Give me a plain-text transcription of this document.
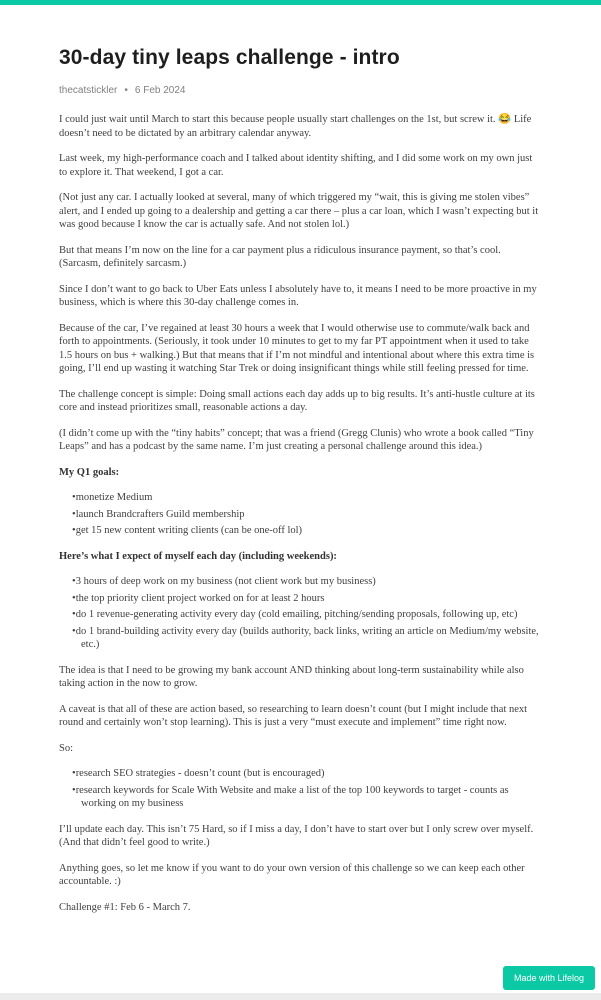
30-day tiny leaps challenge - intro
thecatstickler • 6 Feb 2024

I could just wait until March to start this because people usually start challenges on the 1st, but screw it. 😂 Life doesn’t need to be dictated by an arbitrary calendar anyway.

Last week, my high-performance coach and I talked about identity shifting, and I did some work on my own just to explore it. That weekend, I got a car.

(Not just any car. I actually looked at several, many of which triggered my “wait, this is giving me stolen vibes” alert, and I ended up going to a dealership and getting a car there – plus a car loan, which I wasn’t expecting but it was good because I know the car is actually safe. And not stolen lol.)

But that means I’m now on the line for a car payment plus a ridiculous insurance payment, so that’s cool. (Sarcasm, definitely sarcasm.)

Since I don’t want to go back to Uber Eats unless I absolutely have to, it means I need to be more proactive in my business, which is where this 30-day challenge comes in.

Because of the car, I’ve regained at least 30 hours a week that I would otherwise use to commute/walk back and forth to appointments. (Seriously, it took under 10 minutes to get to my far PT appointment when it used to take 1.5 hours on bus + walking.) But that means that if I’m not mindful and intentional about where this extra time is going, I’ll end up wasting it watching Star Trek or doing insignificant things while still feeling pressed for time.

The challenge concept is simple: Doing small actions each day adds up to big results. It’s anti-hustle culture at its core and instead prioritizes small, reasonable actions a day.

(I didn’t come up with the “tiny habits” concept; that was a friend (Gregg Clunis) who wrote a book called “Tiny Leaps” and has a podcast by the same name. I’m just creating a personal challenge around this idea.)

My Q1 goals:

• monetize Medium
• launch Brandcrafters Guild membership
• get 15 new content writing clients (can be one-off lol)

Here’s what I expect of myself each day (including weekends):

• 3 hours of deep work on my business (not client work but my business)
• the top priority client project worked on for at least 2 hours
• do 1 revenue-generating activity every day (cold emailing, pitching/sending proposals, following up, etc)
• do 1 brand-building activity every day (builds authority, back links, writing an article on Medium/my website, etc.)

The idea is that I need to be growing my bank account AND thinking about long-term sustainability while also taking action in the now to grow.

A caveat is that all of these are action based, so researching to learn doesn’t count (but I might include that next round and certainly won’t stop learning). This is just a very “must execute and implement” time right now.

So:

• research SEO strategies - doesn’t count (but is encouraged)
• research keywords for Scale With Website and make a list of the top 100 keywords to target - counts as working on my business

I’ll update each day. This isn’t 75 Hard, so if I miss a day, I don’t have to start over but I only screw over myself. (And that didn’t feel good to write.)

Anything goes, so let me know if you want to do your own version of this challenge so we can keep each other accountable. :)

Challenge #1: Feb 6 - March 7.

Made with Lifelog
